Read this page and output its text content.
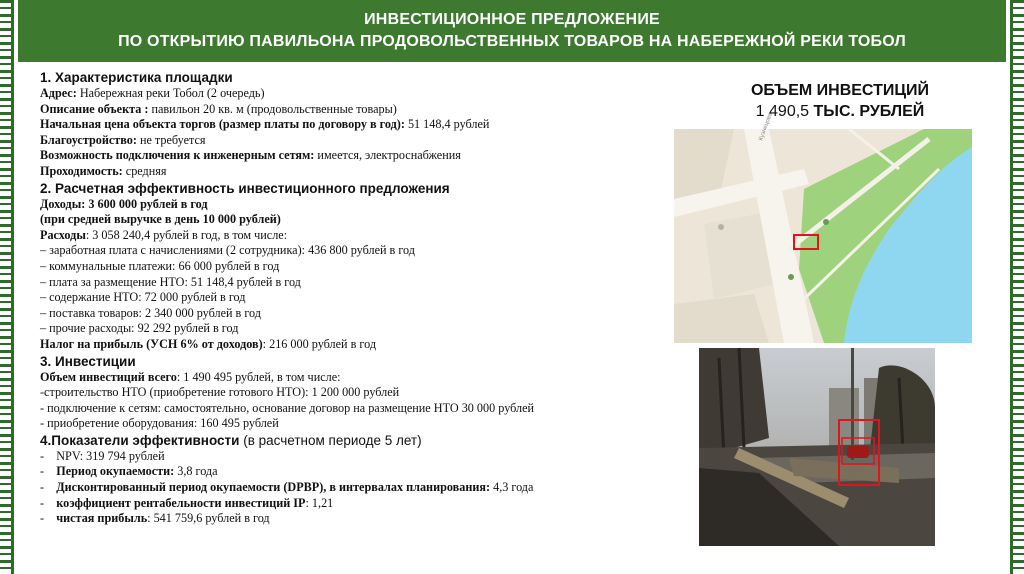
ИНВЕСТИЦИОННОЕ ПРЕДЛОЖЕНИЕ
ПО ОТКРЫТИЮ ПАВИЛЬОНА ПРОДОВОЛЬСТВЕННЫХ ТОВАРОВ НА НАБЕРЕЖНОЙ РЕКИ ТОБОЛ
1. Характеристика площадки
Адрес: Набережная реки Тобол (2 очередь)
Описание объекта : павильон 20 кв. м (продовольственные товары)
Начальная цена объекта торгов (размер платы по договору в год): 51 148,4 рублей
Благоустройство: не требуется
Возможность подключения к инженерным сетям: имеется, электроснабжения
Проходимость: средняя
2. Расчетная эффективность инвестиционного предложения
Доходы: 3 600 000 рублей в год
(при средней выручке в день 10 000 рублей)
Расходы: 3 058 240,4 рублей в год, в том числе:
– заработная плата с начислениями (2 сотрудника): 436 800 рублей в год
– коммунальные платежи: 66 000 рублей в год
– плата за размещение НТО: 51 148,4 рублей в год
– содержание НТО: 72 000 рублей в год
– поставка товаров: 2 340 000 рублей в год
– прочие расходы: 92 292 рублей в год
Налог на прибыль (УСН 6% от доходов): 216 000 рублей в год
3. Инвестиции
Объем инвестиций всего: 1 490 495 рублей, в том числе:
-строительство НТО (приобретение готового НТО): 1 200 000 рублей
- подключение к сетям: самостоятельно, основание договор на размещение НТО 30 000 рублей
- приобретение оборудования: 160 495 рублей
4.Показатели эффективности (в расчетном периоде 5 лет)
- NPV: 319 794 рублей
- Период окупаемости: 3,8 года
- Дисконтированный период окупаемости (DPBP), в интервалах планирования: 4,3 года
- коэффициент рентабельности инвестиций IP: 1,21
- чистая прибыль: 541 759,6 рублей в год
ОБЪЕМ ИНВЕСТИЦИЙ
1 490,5 ТЫС. РУБЛЕЙ
Кузнецова
